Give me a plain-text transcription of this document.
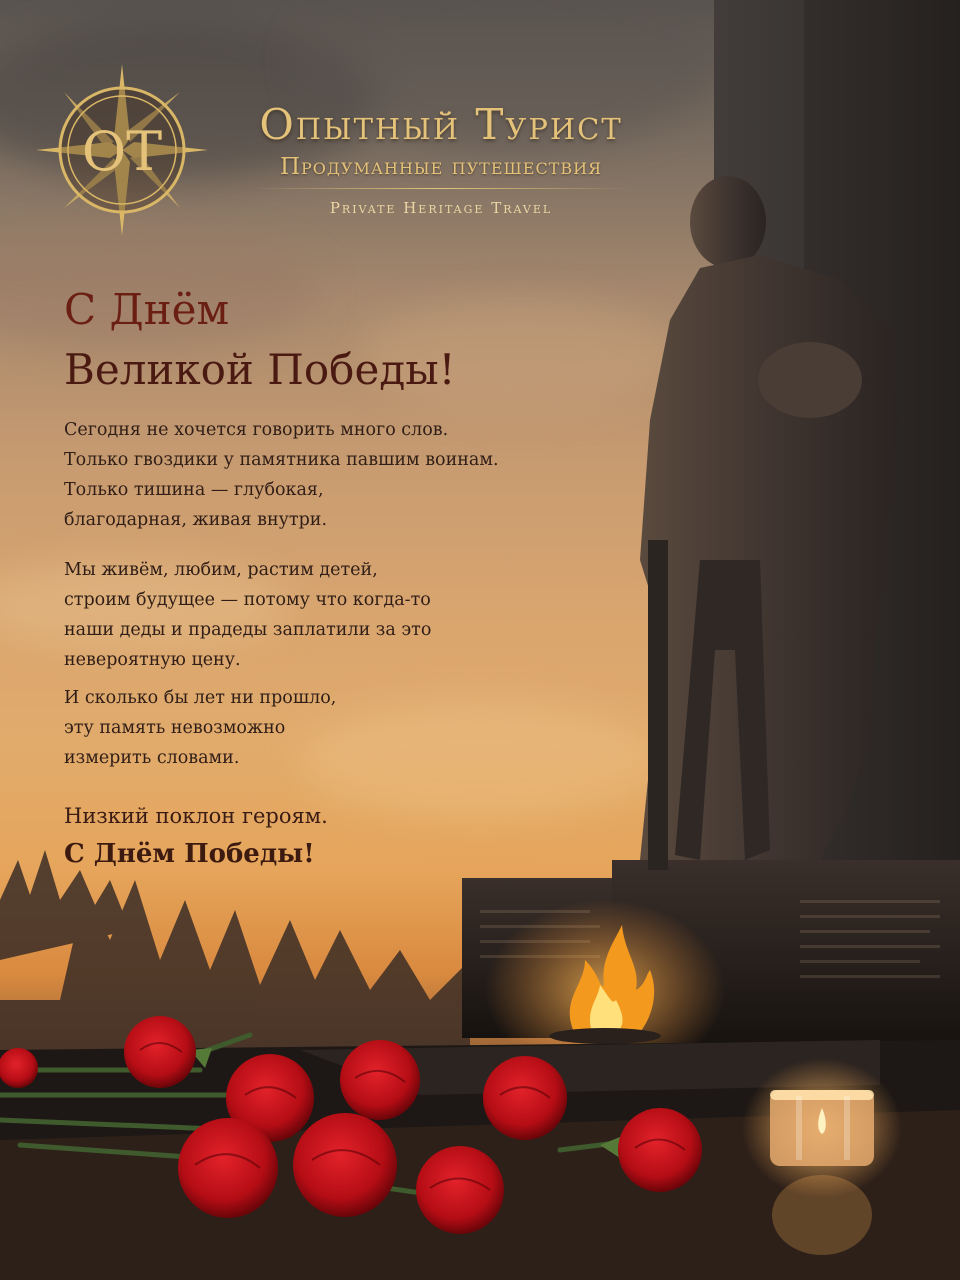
OT	Опытный Турист
Продуманные путешествия
Private Heritage Travel
С Днём
Великой Победы!

Сегодня не хочется говорить много слов.

Только гвоздики у памятника павшим воинам.

Только тишина — глубокая,

благодарная, живая внутри.

Мы живём, любим, растим детей,

строим будущее — потому что когда-то

наши деды и прадеды заплатили за это

невероятную цену.

И сколько бы лет ни прошло,

эту память невозможно

измерить словами.

Низкий поклон героям.
С Днём Победы!
